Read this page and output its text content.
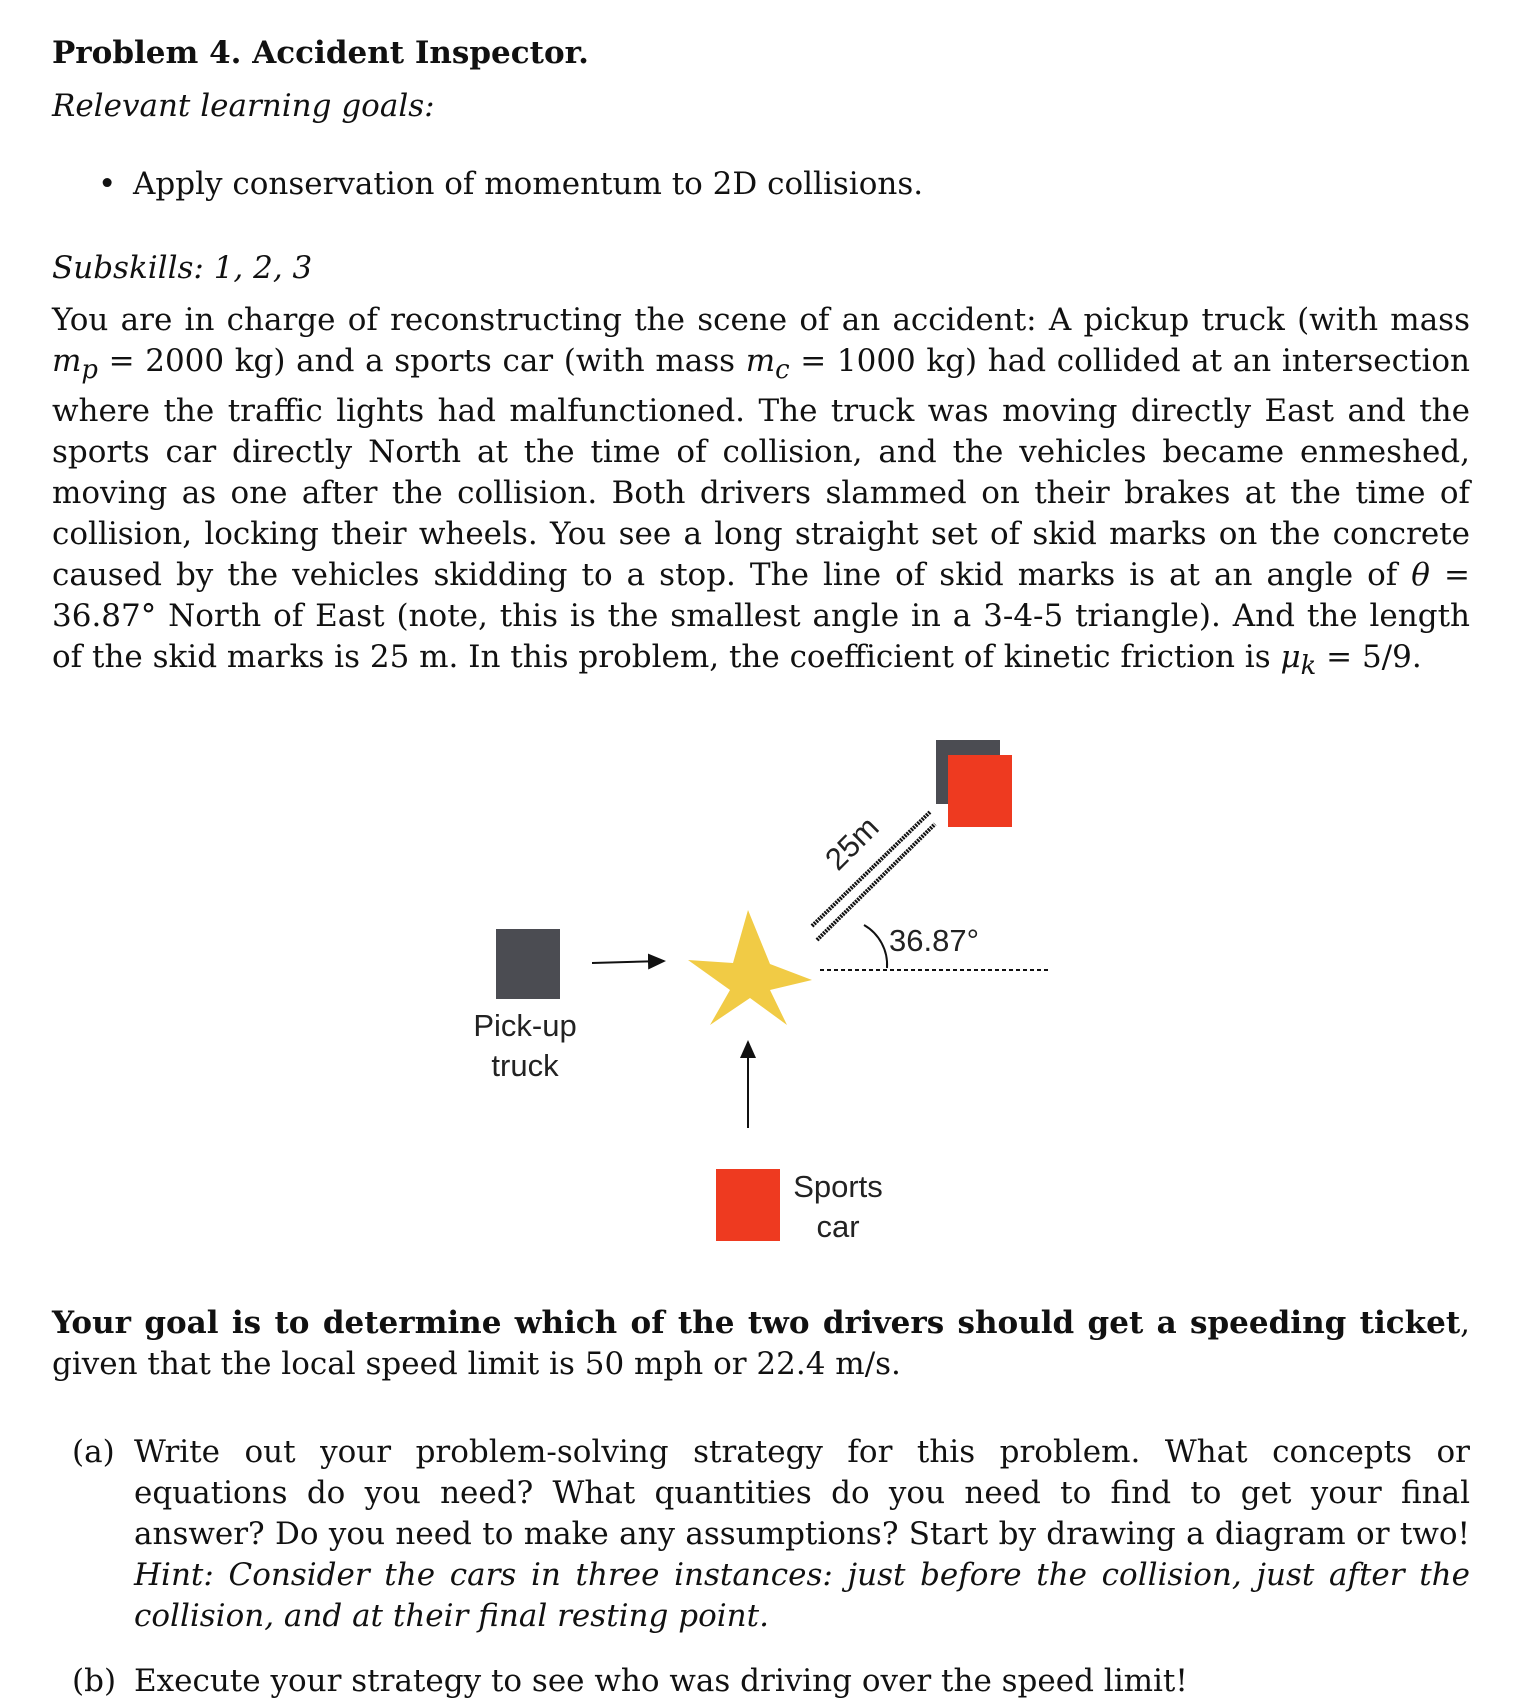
Problem 4. Accident Inspector.

Relevant learning goals:

• Apply conservation of momentum to 2D collisions.

Subskills: 1, 2, 3

You are in charge of reconstructing the scene of an accident: A pickup truck (with mass $m_p = 2000$ kg) and a sports car (with mass $m_c = 1000$ kg) had collided at an intersection where the traffic lights had malfunctioned. The truck was moving directly East and the sports car directly North at the time of collision, and the vehicles became enmeshed, moving as one after the collision. Both drivers slammed on their brakes at the time of collision, locking their wheels. You see a long straight set of skid marks on the concrete caused by the vehicles skidding to a stop. The line of skid marks is at an angle of θ = 36.87° North of East (note, this is the smallest angle in a 3-4-5 triangle). And the length of the skid marks is 25 m. In this problem, the coefficient of kinetic friction is $\mu_k = 5/9$.

25m
36.87°
Pick-up
truck
Sports
car

Your goal is to determine which of the two drivers should get a speeding ticket, given that the local speed limit is 50 mph or 22.4 m/s.

(a) Write out your problem-solving strategy for this problem. What concepts or equations do you need? What quantities do you need to find to get your final answer? Do you need to make any assumptions? Start by drawing a diagram or two! Hint: Consider the cars in three instances: just before the collision, just after the collision, and at their final resting point.
(b) Execute your strategy to see who was driving over the speed limit!
